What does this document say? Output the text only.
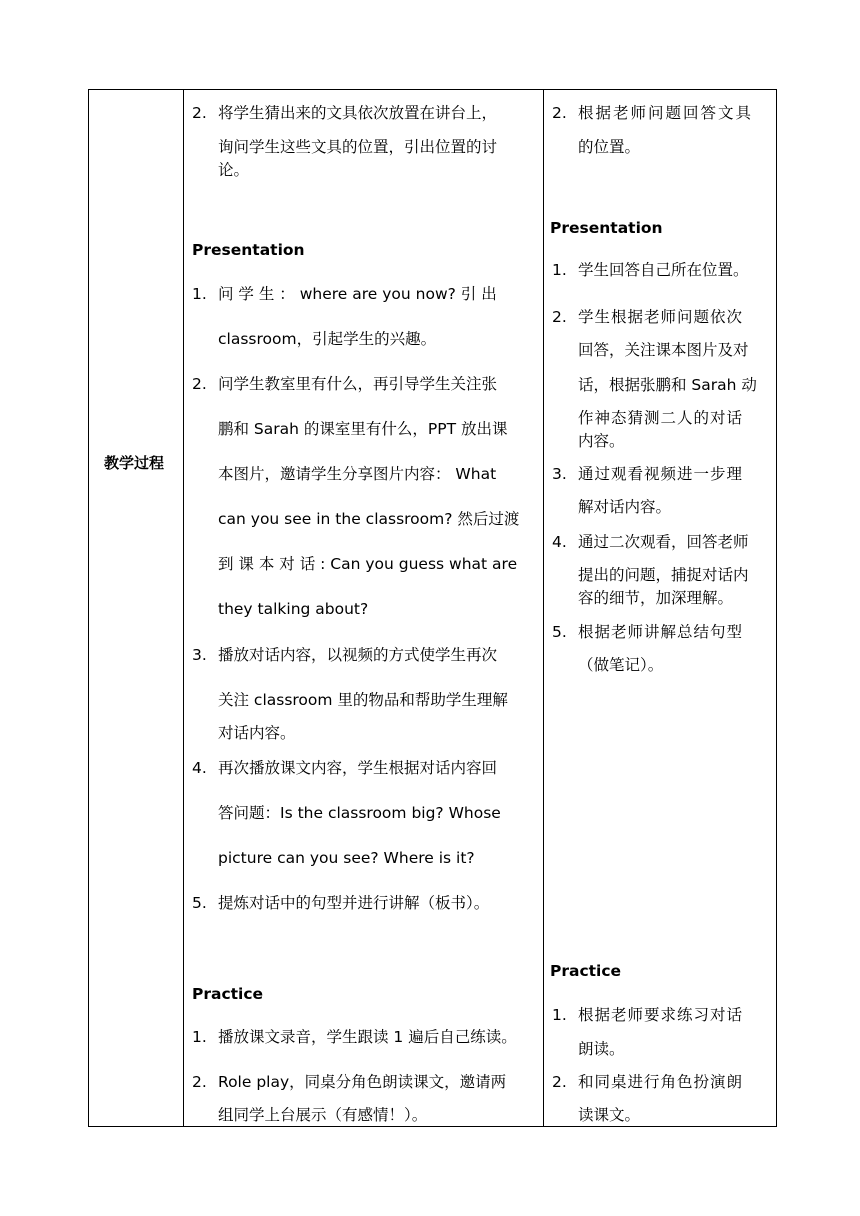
教学过程
2. 将学生猜出来的文具依次放置在讲台上，
询问学生这些文具的位置，引出位置的讨
论。
Presentation
1. 问 学 生 ： where are you now? 引 出
classroom，引起学生的兴趣。
2. 问学生教室里有什么，再引导学生关注张
鹏和 Sarah 的课室里有什么，PPT 放出课
本图片，邀请学生分享图片内容： What
can you see in the classroom? 然后过渡
到 课 本 对 话 : Can you guess what are
they talking about?
3. 播放对话内容，以视频的方式使学生再次
关注 classroom 里的物品和帮助学生理解
对话内容。
4. 再次播放课文内容，学生根据对话内容回
答问题：Is the classroom big? Whose
picture can you see? Where is it?
5. 提炼对话中的句型并进行讲解（板书）。
Practice
1. 播放课文录音，学生跟读 1 遍后自己练读。
2. Role play，同桌分角色朗读课文，邀请两
组同学上台展示（有感情！）。
2. 根据老师问题回答文具
的位置。
Presentation
1. 学生回答自己所在位置。
2. 学生根据老师问题依次
回答，关注课本图片及对
话，根据张鹏和 Sarah 动
作神态猜测二人的对话
内容。
3. 通过观看视频进一步理
解对话内容。
4. 通过二次观看，回答老师
提出的问题，捕捉对话内
容的细节，加深理解。
5. 根据老师讲解总结句型
（做笔记）。
Practice
1. 根据老师要求练习对话
朗读。
2. 和同桌进行角色扮演朗
读课文。
